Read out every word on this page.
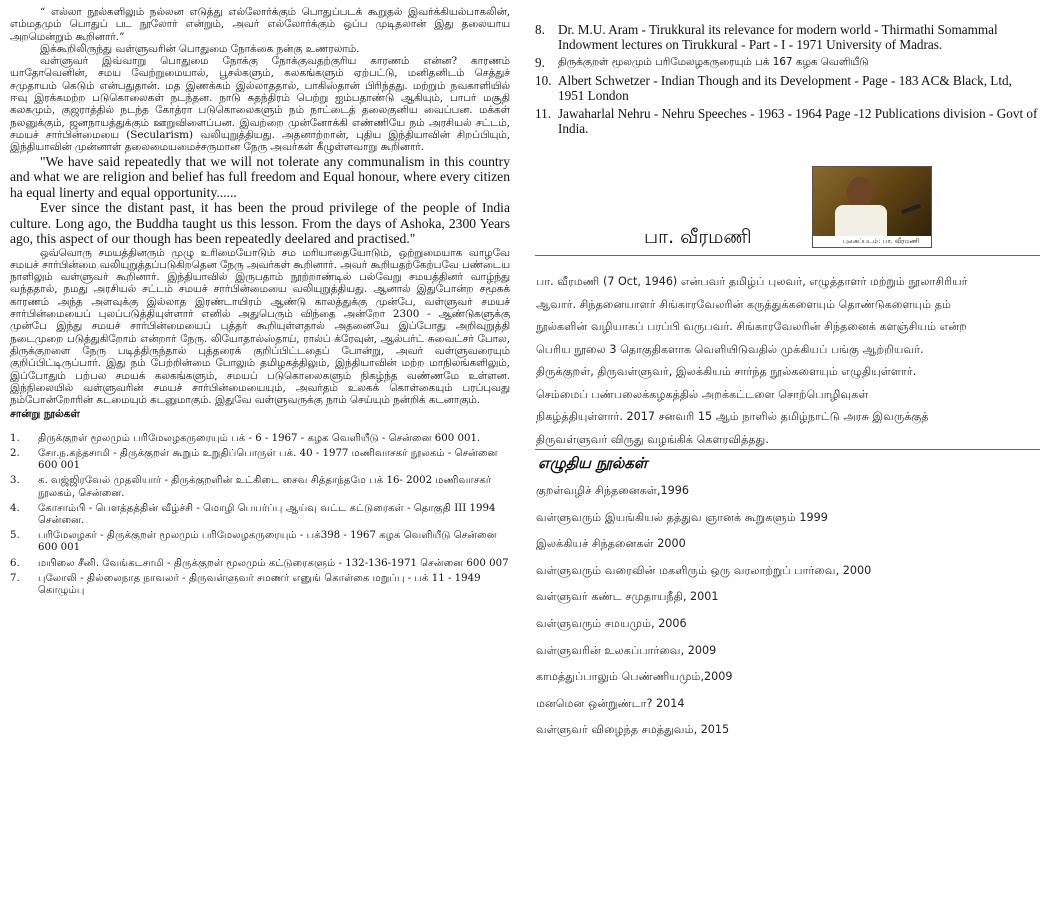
“ எல்லா நூல்களிலும் நல்லன எடுத்து எல்லோர்க்கும் பொதுப்படக் கூறுதல் இவர்க்கியல்பாகலின், எம்மதமும் பொதுப் பட நூலோர் என்றும், அவர் எல்லோர்க்கும் ஒப்ப முடிதலான் இது தலையாய அறமென்றும் கூறினார்.”

இக்கூறிலிருந்து வள்ளுவரின் பொதுமை நோக்கை நன்கு உணரலாம்.

வள்ளுவர் இவ்வாறு பொதுமை நோக்கு நோக்குவதற்குரிய காரணம் என்ன? காரணம் யாதோவெனின், சமய வேற்றுமையால், பூசல்களும், கலகங்களும் ஏற்பட்டு, மனிதனிடம் செத்துச் சமுதாயம் கெடும் என்பதுதான். மத இணக்கம் இல்லாததால், பாகிஸ்தான் பிரிந்தது. மற்றும் நவகாளியில் ஈவு இரக்கமற்ற படுகொலைகள் நடந்தன. நாடு சுதந்திரம் பெற்று ஐம்பதாண்டு ஆகியும், பாபர் மசூதி கலகமும், குஜராத்தில் நடந்த கோத்ரா படுகொலைகளும் நம் நாட்டைத் தலைகுனிய வைப்பன. மக்கள் நலனுக்கும், ஜனநாயத்துக்கும் ஊறுவிளைப்பன. இவற்றை முன்னோக்கி எண்ணியே நம் அரசியல் சட்டம், சமயச் சார்பின்மையை (Secularism) வலியுறுத்தியது. அதனாற்றான், புதிய இந்தியாவின் சிறப்பியும், இந்தியாவின் முன்னாள் தலைமையமைச்சருமான நேரு அவர்கள் கீழுள்ளவாறு கூறினார்.

"We have said repeatedly that we will not tolerate any communalism in this country and what we are religion and belief has full freedom and Equal honour, where every citizen ha equal linerty and equal opportunity......

Ever since the distant past, it has been the proud privilege of the people of India culture. Long ago, the Buddha taught us this lesson. From the days of Ashoka, 2300 Years ago, this aspect of our though has been repeatedly deelared and practised."

ஒவ்வொரு சமயத்தினரும் முழு உரிமையோடும் சம மரியாதையோடும், ஒற்றுமையாக வாழவே சமயச் சார்பின்மை வலியுறுத்தப்படுகிறதென நேரு அவர்கள் கூறினார். அவர் கூறியதற்கேற்பவே பண்டைய நாளிலும் வள்ளுவர் கூறினார். இந்தியாவில் இருபதாம் நூற்றாண்டில் பல்வேறு சமயத்தினர் வாழ்ந்து வந்ததால், நமது அரசியல் சட்டம் சமயச் சார்பின்மையை வலியுறுத்தியது. ஆனால் இதுபோன்ற சமூகக் காரணம் அந்த அளவுக்கு இல்லாத இரண்டாயிரம் ஆண்டு காலத்துக்கு முன்பே, வள்ளுவர் சமயச் சார்பின்மையைப் புலப்படுத்தியுள்ளார் எனில் அதுபெரும் விந்தை அன்றோ 2300 - ஆண்டுகளுக்கு முன்பே இந்து சமயச் சார்பின்மையைப் புத்தர் கூறியுள்ளதால் அதனையே இப்போது அறிவுறுத்தி நடைமுறை படுத்துகிறோம் என்றார் நேரு. லியோதால்ஸ்தாய், ரால்ப் க்ரேவுன், ஆல்பர்ட் சுவைட்சர் போல, திருக்குறளை நேரு படித்திருந்தால் புத்தரைக் குறிப்பிட்டதைப் போன்று, அவர் வள்ளுவரையும் குறிப்பிட்டிருப்பார். இது நம் பேற்றின்மை போலும் தமிழகத்திலும், இந்தியாவின் மற்ற மாநிலங்களிலும், இப்போதும் பற்பல சமயக் கலகங்களும், சமயப் படுகொலைகளும் நிகழ்ந்த வண்ணமே உள்ளன. இந்நிலையில் வள்ளுவரின் சமயச் சார்பின்மையையும், அவர்தம் உலகக் கொள்கையும் பரப்புவது நம்போன்றோரின் கடமையும் கடனுமாகும். இதுவே வள்ளுவருக்கு நாம் செய்யும் நன்றிக் கடனாகும்.

சான்று நூல்கள்

1.	திருக்குறள் மூலமும் பரிமேலழகருரையும் பக் - 6 - 1967 - கழக வெளியீடு - சென்னை 600 001.
2.	சோ.ந.கந்தசாமி - திருக்குறள் கூறும் உறுதிப்பொருள் பக். 40 - 1977 மணிவாசகர் நூலகம் - சென்னை 600 001
3.	க. வஜ்ஜிரவேல் முதலியார் - திருக்குறளின் உட்கிடை சைவ சித்தாந்தமே பக் 16- 2002 மணிவாசகர் நூலகம், சென்னை.
4.	கோசாம்பி - பௌத்தத்தின் வீழ்ச்சி - மொழி பெயர்ப்பு ஆய்வு வட்ட கட்டுரைகள் - தொகுதி III 1994 சென்னை.
5.	பரிமேலழகர் - திருக்குறள் மூலமும் பரிமேலழகருரையும் - பக்398 - 1967 கழக வெளியீடு சென்னை 600 001
6.	மயிலை சீனி. வேங்கடசாமி - திருக்குறள் மூலமும் கட்டுரைகளும் - 132-136-1971 சென்னை 600 007
7.	புலோலி - தில்லைநாத நாவலர் - திருவள்ளுவர் சமணர் எனுங் கொள்கை மறுப்பு - பக் 11 - 1949 கொழும்பு
8. Dr. M.U. Aram - Tirukkural its relevance for modern world - Thirmathi Somammal Indowment lectures on Tirukkural - Part - I - 1971 University of Madras.
9.	திருக்குறள் மூலமும் பரிமேலழகருரையும் பக் 167 கழக வெளியீடு
10. Albert Schwetzer - Indian Though and its Development - Page - 183 AC& Black, Ltd, 1951 London
11. Jawaharlal Nehru - Nehru Speeches - 1963 - 1964 Page -12 Publications division - Govt of India.
புகைப்படம்: பா. வீரமணி
பா. வீரமணி

பா. வீரமணி (7 Oct, 1946) என்பவர் தமிழ்ப் புலவர், எழுத்தாளர் மற்றும் நூலாசிரியர்

ஆவார். சிந்தனையாளர் சிங்காரவேலரின் கருத்துக்களையும் தொண்டுகளையும் தம்

நூல்களின் வழியாகப் பரப்பி வருபவர். சிங்காரவேலரின் சிந்தனைக் களஞ்சியம் என்ற

பெரிய நூலை 3 தொகுதிகளாக வெளியிடுவதில் முக்கியப் பங்கு ஆற்றியவர்.

திருக்குறள், திருவள்ளுவர், இலக்கியம் சார்ந்த நூல்களையும் எழுதியுள்ளார்.

செம்மைப் பண்பலைக்கழகத்தில் அறக்கட்டளை சொற்பொழிவுகள்

நிகழ்த்தியுள்ளார். 2017 சனவரி 15 ஆம் நாளில் தமிழ்நாட்டு அரசு இவருக்குத்

திருவள்ளுவர் விருது வழங்கிக் கௌரவித்தது.

எழுதிய நூல்கள்
குறள்வழிச் சிந்தனைகள்,1996
வள்ளுவரும் இயங்கியல் தத்துவ ஞானக் கூறுகளும் 1999
இலக்கியச் சிந்தனைகள் 2000
வள்ளுவரும் வரைவின் மகளிரும் ஒரு வரலாற்றுப் பார்வை, 2000
வள்ளுவர் கண்ட சமுதாயநீதி, 2001
வள்ளுவரும் சமயமும், 2006
வள்ளுவரின் உலகப்பார்வை, 2009
காமத்துப்பாலும் பெண்ணியமும்,2009
மனமென ஒன்றுண்டா? 2014
வள்ளுவர் விழைந்த சமத்துவம், 2015
